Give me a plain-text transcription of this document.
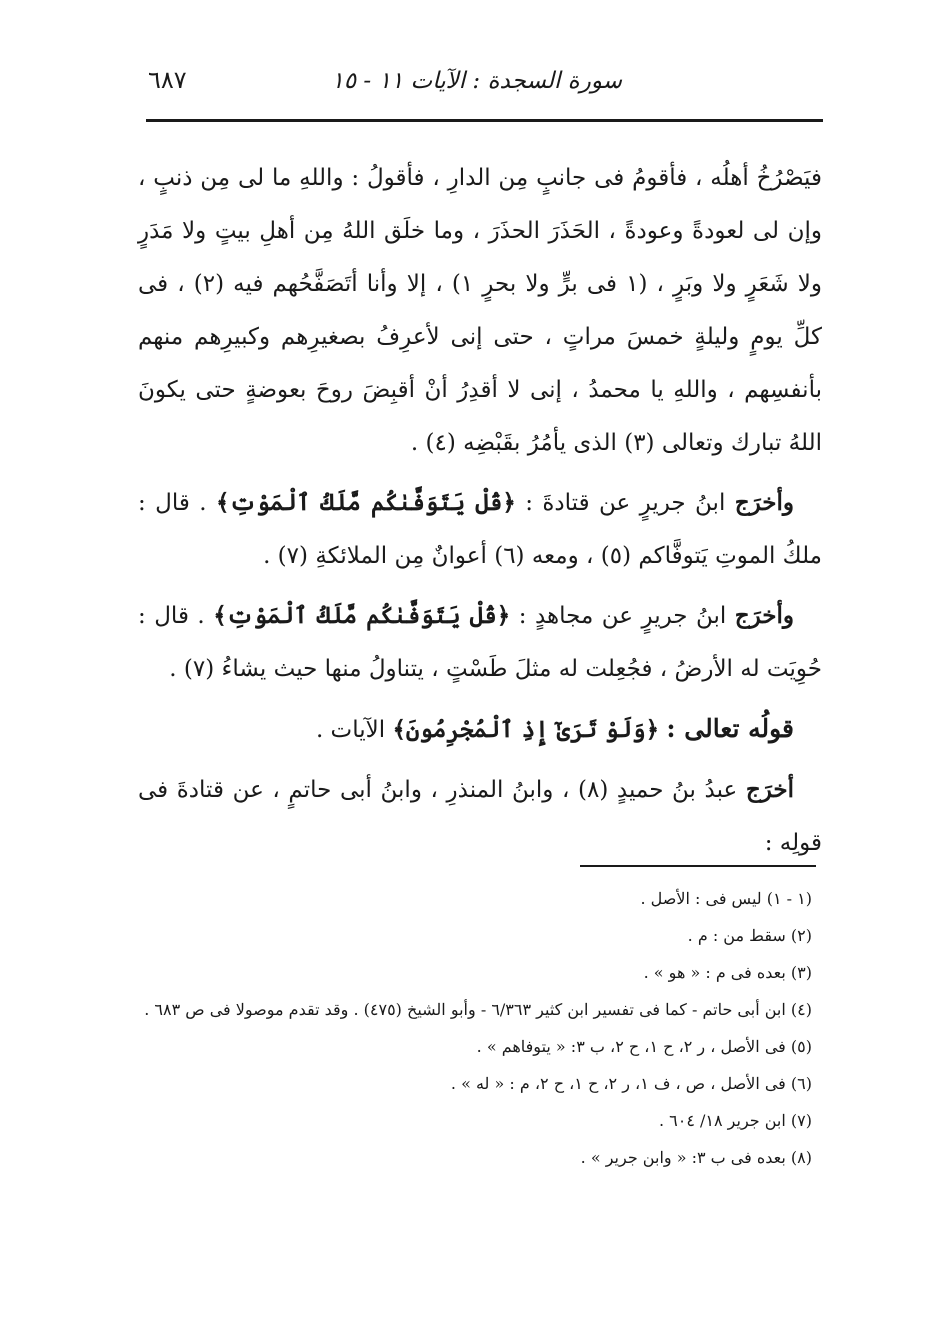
سورة السجدة : الآيات ١١ - ١٥
٦٨٧

فيَصْرُخُ أهلُه ، فأقومُ فى جانبٍ مِن الدارِ ، فأقولُ : واللهِ ما لى مِن ذنبٍ ، وإن لى لعودةً وعودةً ، الحَذَرَ الحذَرَ ، وما خلَق اللهُ مِن أهلِ بيتٍ ولا مَدَرٍ ولا شَعَرٍ ولا وبَرٍ ، (١ فى برٍّ ولا بحرٍ ١) ، إلا وأنا أتَصَفَّحُهم فيه (٢) ، فى كلِّ يومٍ وليلةٍ خمسَ مراتٍ ، حتى إنى لأعرِفُ بصغيرِهم وكبيرِهم منهم بأنفسِهم ، واللهِ يا محمدُ ، إنى لا أقدِرُ أنْ أقبِضَ روحَ بعوضةٍ حتى يكونَ اللهُ تبارك وتعالى (٣) الذى يأمُرُ بقَبْضِه (٤) .

وأخرَج ابنُ جريرٍ عن قتادةَ : ﴿قُلْ يَتَوَفَّىٰكُم مَّلَكُ ٱلْمَوْتِ﴾ . قال : ملكُ الموتِ يَتوفَّاكم (٥) ، ومعه (٦) أعوانٌ مِن الملائكةِ (٧) .

وأخرَج ابنُ جريرٍ عن مجاهدٍ : ﴿قُلْ يَتَوَفَّىٰكُم مَّلَكُ ٱلْمَوْتِ﴾ . قال : حُوِيَت له الأرضُ ، فجُعِلت له مثلَ طَسْتٍ ، يتناولُ منها حيث يشاءُ (٧) .

قولُه تعالى : ﴿وَلَوْ تَرَىٰٓ إِذِ ٱلْمُجْرِمُونَ﴾ الآيات .

أخرَج عبدُ بنُ حميدٍ (٨) ، وابنُ المنذرِ ، وابنُ أبى حاتمٍ ، عن قتادةَ فى قولِه :

(١ - ١) ليس فى : الأصل .

(٢) سقط من : م .

(٣) بعده فى م : « هو » .

(٤) ابن أبى حاتم - كما فى تفسير ابن كثير ٦/٣٦٣ - وأبو الشيخ (٤٧٥) . وقد تقدم موصولا فى ص ٦٨٣ .

(٥) فى الأصل ، ر ٢، ح ١، ح ٢، ب ٣: « يتوفاهم » .

(٦) فى الأصل ، ص ، ف ١، ر ٢، ح ١، ح ٢، م : « له » .

(٧) ابن جرير ١٨/ ٦٠٤ .

(٨) بعده فى ب ٣: « وابن جرير » .
